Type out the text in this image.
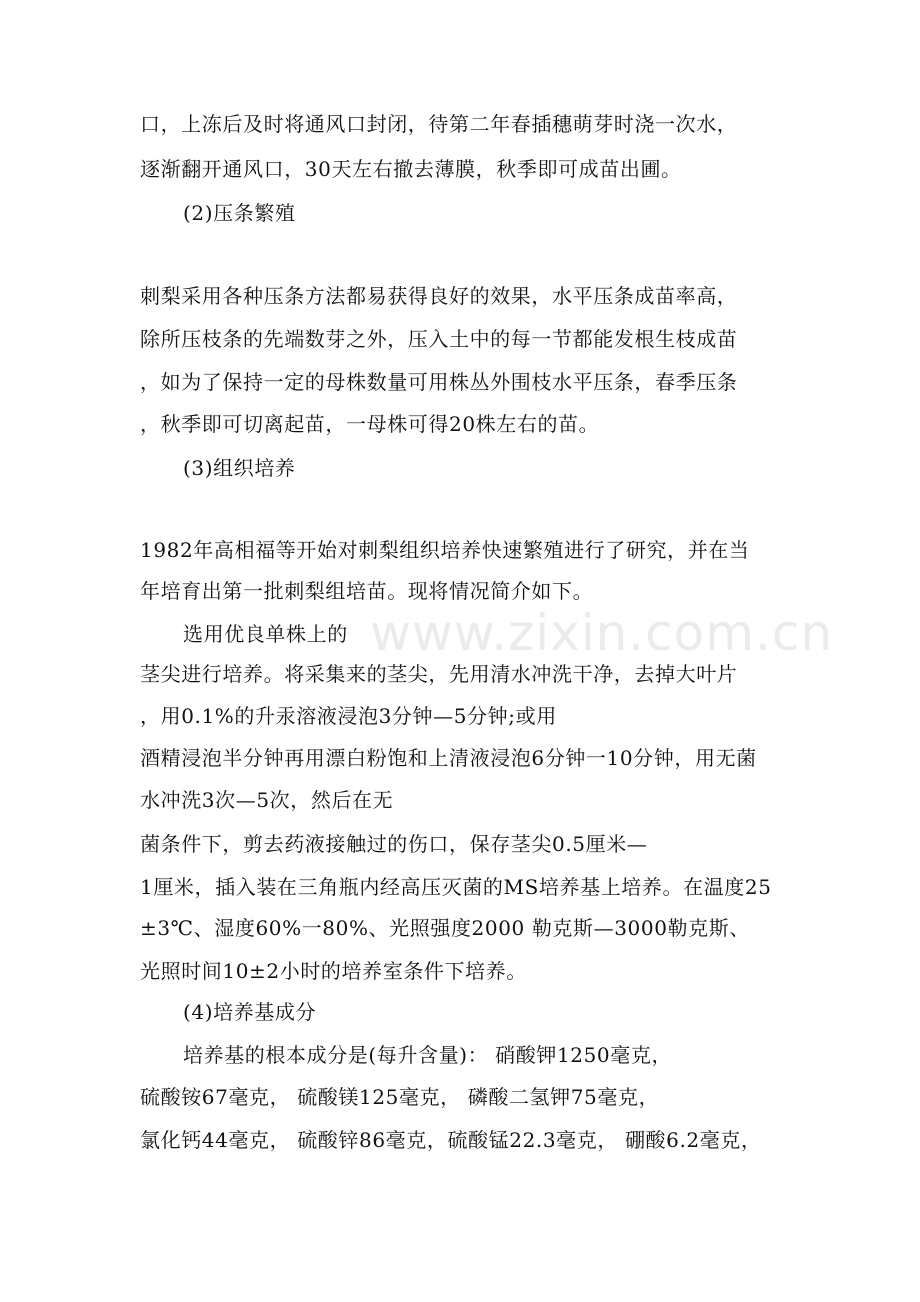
www.zixin.com.cn
口，上冻后及时将通风口封闭，待第二年春插穗萌芽时浇一次水，
逐渐翻开通风口，30天左右撤去薄膜，秋季即可成苗出圃。
(2)压条繁殖
刺梨采用各种压条方法都易获得良好的效果，水平压条成苗率高，
除所压枝条的先端数芽之外，压入土中的每一节都能发根生枝成苗
，如为了保持一定的母株数量可用株丛外围枝水平压条，春季压条
，秋季即可切离起苗，一母株可得20株左右的苗。
(3)组织培养
1982年高相福等开始对刺梨组织培养快速繁殖进行了研究，并在当
年培育出第一批刺梨组培苗。现将情况简介如下。
选用优良单株上的
茎尖进行培养。将采集来的茎尖，先用清水冲洗干净，去掉大叶片
，用0.1%的升汞溶液浸泡3分钟—5分钟;或用
酒精浸泡半分钟再用漂白粉饱和上清液浸泡6分钟一10分钟，用无菌
水冲洗3次—5次，然后在无
菌条件下，剪去药液接触过的伤口，保存茎尖0.5厘米—
1厘米，插入装在三角瓶内经高压灭菌的MS培养基上培养。在温度25
±3℃、湿度60%一80%、光照强度2000 勒克斯—3000勒克斯、
光照时间10±2小时的培养室条件下培养。
(4)培养基成分
培养基的根本成分是(每升含量)： 硝酸钾1250毫克，
硫酸铵67毫克， 硫酸镁125毫克， 磷酸二氢钾75毫克，
氯化钙44毫克， 硫酸锌86毫克，硫酸锰22.3毫克， 硼酸6.2毫克，
